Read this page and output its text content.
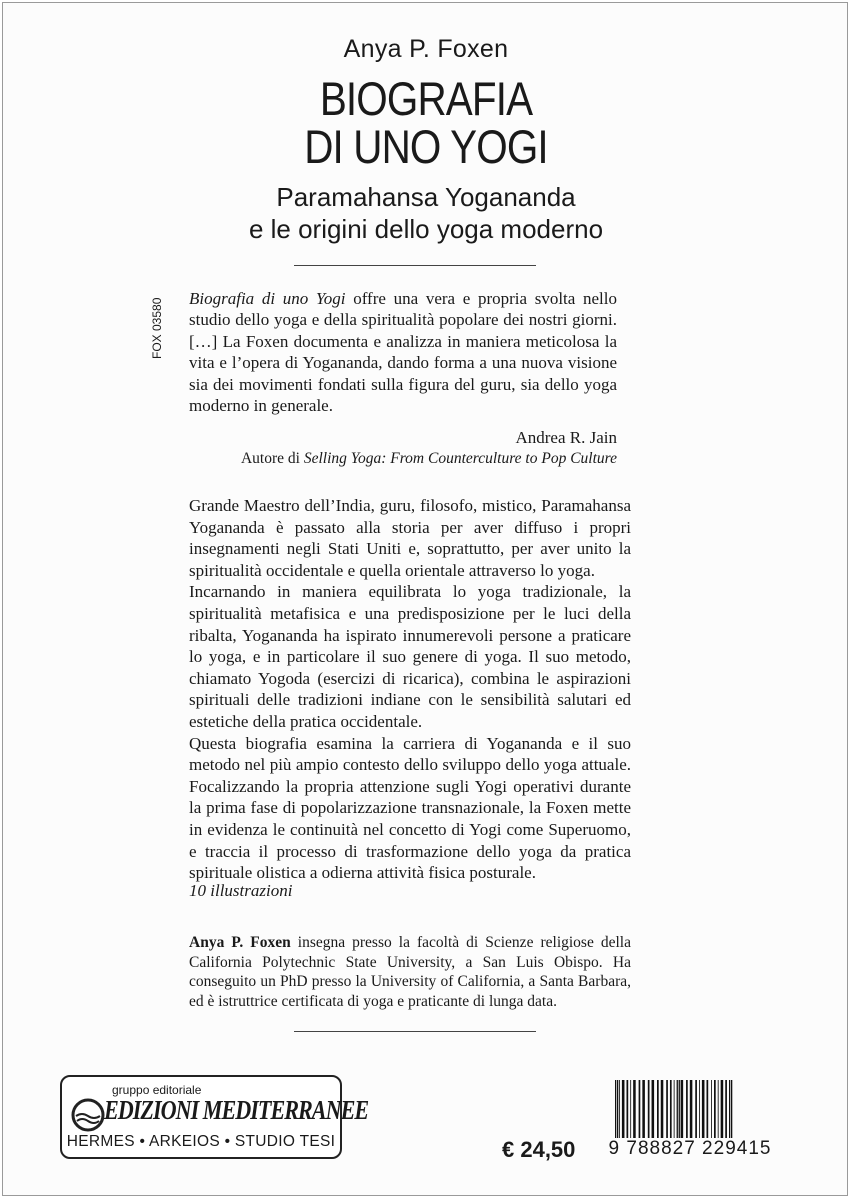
Anya P. Foxen
BIOGRAFIA
DI UNO YOGI
Paramahansa Yogananda
e le origini dello yoga moderno
FOX 03580 Biografia di uno Yogi offre una vera e propria svolta nello studio dello yoga e della spiritualità popolare dei nostri giorni. […] La Foxen documenta e analizza in maniera meticolosa la vita e l’opera di Yogananda, dando forma a una nuova visione sia dei movimenti fondati sulla figura del guru, sia dello yoga moderno in generale.
Andrea R. Jain
Autore di Selling Yoga: From Counterculture to Pop Culture

Grande Maestro dell’India, guru, filosofo, mistico, Paramahansa Yogananda è passato alla storia per aver diffuso i propri insegnamenti negli Stati Uniti e, soprattutto, per aver unito la spiritualità occidentale e quella orientale attraverso lo yoga.

Incarnando in maniera equilibrata lo yoga tradizionale, la spiritualità metafisica e una predisposizione per le luci della ribalta, Yogananda ha ispirato innumerevoli persone a praticare lo yoga, e in particolare il suo genere di yoga. Il suo metodo, chiamato Yogoda (esercizi di ricarica), combina le aspirazioni spirituali delle tradizioni indiane con le sensibilità salutari ed estetiche della pratica occidentale.

Questa biografia esamina la carriera di Yogananda e il suo metodo nel più ampio contesto dello sviluppo dello yoga attuale. Focalizzando la propria attenzione sugli Yogi operativi durante la prima fase di popolarizzazione transnazionale, la Foxen mette in evidenza le continuità nel concetto di Yogi come Superuomo, e traccia il processo di trasformazione dello yoga da pratica spirituale olistica a odierna attività fisica posturale.

10 illustrazioni
Anya P. Foxen insegna presso la facoltà di Scienze religiose della California Polytechnic State University, a San Luis Obispo. Ha conseguito un PhD presso la University of California, a Santa Barbara, ed è istruttrice certificata di yoga e praticante di lunga data.
gruppo editoriale
EDIZIONI MEDITERRANEE
HERMES • ARKEIOS • STUDIO TESI	€ 24,50	9 788827 229415
